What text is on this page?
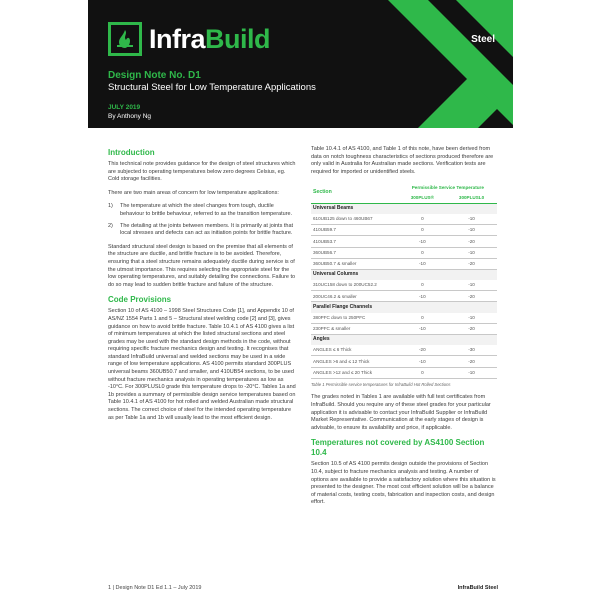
InfraBuild	Steel
Design Note No. D1
Structural Steel for Low Temperature Applications
JULY 2019
By Anthony Ng
Introduction
This technical note provides guidance for the design of steel structures which are subjected to operating temperatures below zero degrees Celsius, eg. Cold storage facilities.
There are two main areas of concern for low temperature applications:
1)	The temperature at which the steel changes from tough, ductile behaviour to brittle behaviour, referred to as the transition temperature.
2)	The detailing at the joints between members. It is primarily at joints that local stresses and defects can act as initiation points for brittle fracture.
Standard structural steel design is based on the premise that all elements of the structure are ductile, and brittle fracture is to be avoided. Therefore, ensuring that a steel structure remains adequately ductile during service is of the utmost importance. This requires selecting the appropriate steel for the low operating temperatures, and suitably detailing the connections. Failure to do so may lead to sudden brittle fracture and failure of the structure.
Code Provisions
Section 10 of AS 4100 – 1998 Steel Structures Code [1], and Appendix 10 of AS/NZ 1554 Parts 1 and 5 – Structural steel welding code [2] and [3], gives guidance on how to avoid brittle fracture. Table 10.4.1 of AS 4100 gives a list of minimum temperatures at which the listed structural sections and steel grades may be used with the standard design methods in the code, without requiring specific fracture mechanics design and testing. It recognises that standard InfraBuild universal and welded sections may be used in a wide range of low temperature applications. AS 4100 permits standard 300PLUS universal beams 360UB50.7 and smaller, and 410UB54 sections, to be used without fracture mechanics analysis in operating temperatures as low as -10°C. For 300PLUSL0 grade this temperature drops to -20°C. Tables 1a and 1b provides a summary of permissible design service temperatures based on Table 10.4.1 of AS 4100 for hot rolled and welded Australian made structural sections. The correct choice of steel for the intended operating temperature as per Table 1a and 1b will usually lead to the most efficient design.
Table 10.4.1 of AS 4100, and Table 1 of this note, have been derived from data on notch toughness characteristics of sections produced therefore are only valid in Australia for Australian made sections. Verification tests are required for imported or unidentified steels.
Section	Permissible Service Temperature	
	300PLUS®	300PLUSL0
Universal Beams		
610UB125 down to 460UB67	0	-10
410UB59.7	0	-10
410UB53.7	-10	-20
360UB56.7	0	-10
360UB50.7 & smaller	-10	-20
Universal Columns		
310UC158 down to 200UC52.2	0	-10
200UC46.2 & smaller	-10	-20
Parallel Flange Channels		
380PFC down to 250PFC	0	-10
230PFC & smaller	-10	-20
Angles		
ANGLES ≤ 6 Thick	-20	-30
ANGLES >6 and ≤ 12 Thick	-10	-20
ANGLES >12 and ≤ 20 Thick	0	-10
Table 1 Permissible service temperatures for InfraBuild Hot Rolled Sections
The grades noted in Tables 1 are available with full test certificates from InfraBuild. Should you require any of these steel grades for your particular application it is advisable to contact your InfraBuild Supplier or InfraBuild Market Representative. Communication at the early stages of design is advisable, to ensure its availability and price, if applicable.
Temperatures not covered by AS4100 Section 10.4
Section 10.5 of AS 4100 permits design outside the provisions of Section 10.4, subject to fracture mechanics analysis and testing. A number of options are available to provide a satisfactory solution where this situation is presented to the designer. The most cost efficient solution will be a balance of material costs, testing costs, fabrication and inspection costs, and design effort.
1 | Design Note D1 Ed 1.1 – July 2019	InfraBuild Steel
